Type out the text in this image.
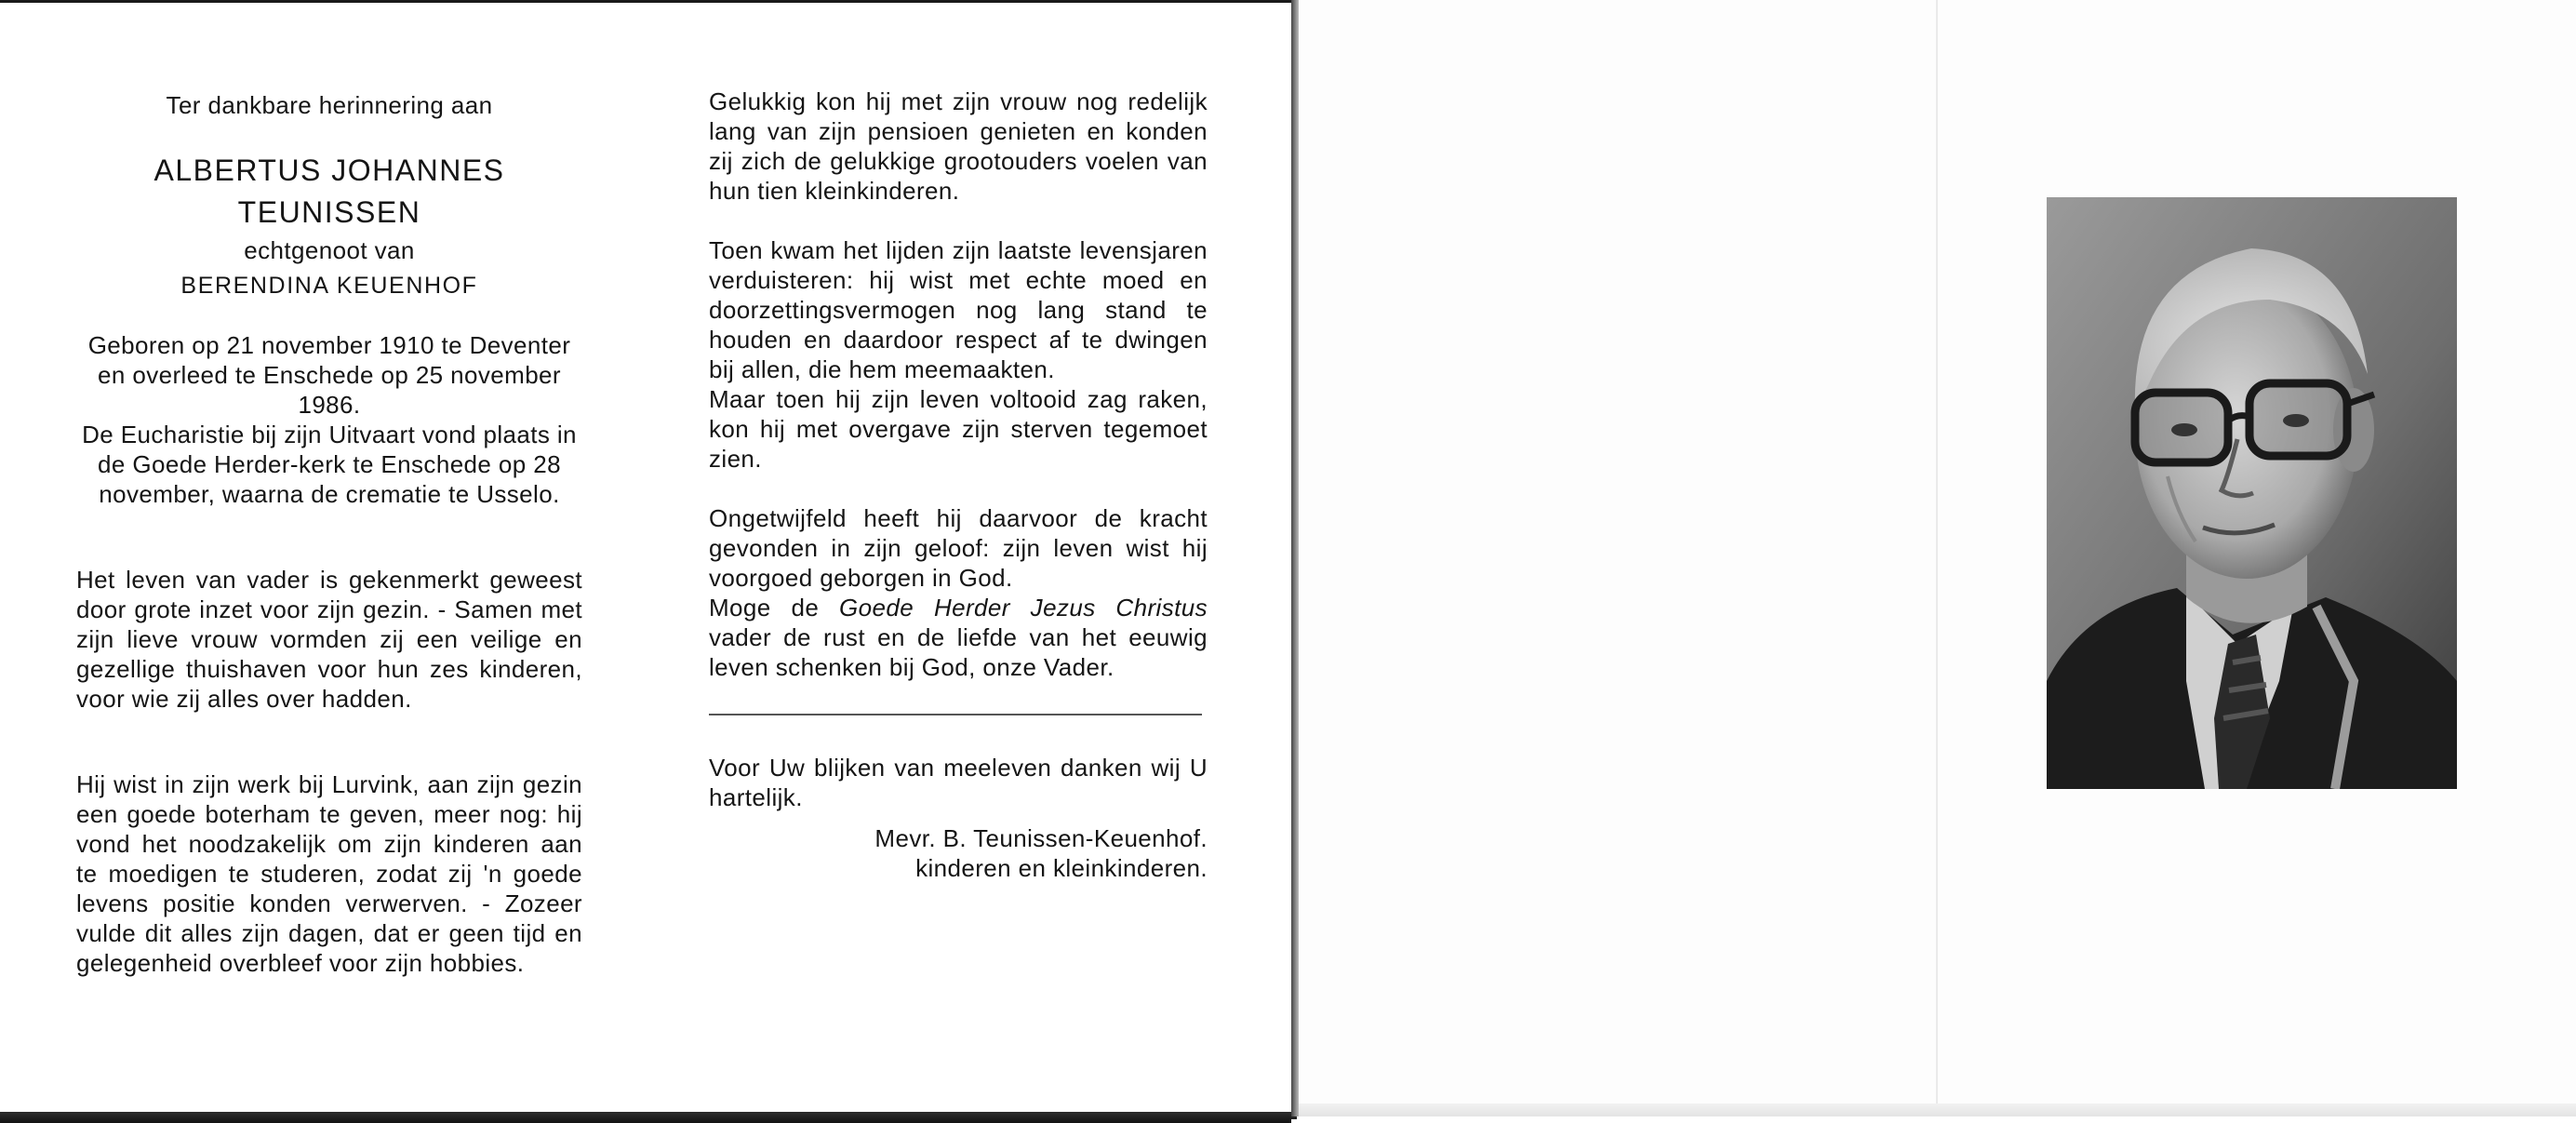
Ter dankbare herinnering aan

ALBERTUS JOHANNES

TEUNISSEN

echtgenoot van

BERENDINA KEUENHOF

Geboren op 21 november 1910 te Deventer en overleed te Enschede op 25 november 1986.

De Eucharistie bij zijn Uitvaart vond plaats in de Goede Herder-kerk te Enschede op 28 november, waarna de crematie te Usselo.

Het leven van vader is gekenmerkt geweest door grote inzet voor zijn gezin. - Samen met zijn lieve vrouw vormden zij een veilige en gezellige thuishaven voor hun zes kinderen, voor wie zij alles over hadden.

Hij wist in zijn werk bij Lurvink, aan zijn gezin een goede boterham te geven, meer nog: hij vond het noodzakelijk om zijn kinderen aan te moedigen te studeren, zodat zij 'n goede levens positie konden verwerven. - Zozeer vulde dit alles zijn dagen, dat er geen tijd en gelegenheid overbleef voor zijn hobbies.

Gelukkig kon hij met zijn vrouw nog redelijk lang van zijn pensioen genieten en konden zij zich de gelukkige grootouders voelen van hun tien kleinkinderen.

Toen kwam het lijden zijn laatste levensjaren verduisteren: hij wist met echte moed en doorzettingsvermogen nog lang stand te houden en daardoor respect af te dwingen bij allen, die hem meemaakten.

Maar toen hij zijn leven voltooid zag raken, kon hij met overgave zijn sterven tegemoet zien.

Ongetwijfeld heeft hij daarvoor de kracht gevonden in zijn geloof: zijn leven wist hij voorgoed geborgen in God.

Moge de Goede Herder Jezus Christus vader de rust en de liefde van het eeuwig leven schenken bij God, onze Vader.

Voor Uw blijken van meeleven danken wij U hartelijk.

Mevr. B. Teunissen-Keuenhof.

kinderen en kleinkinderen.
